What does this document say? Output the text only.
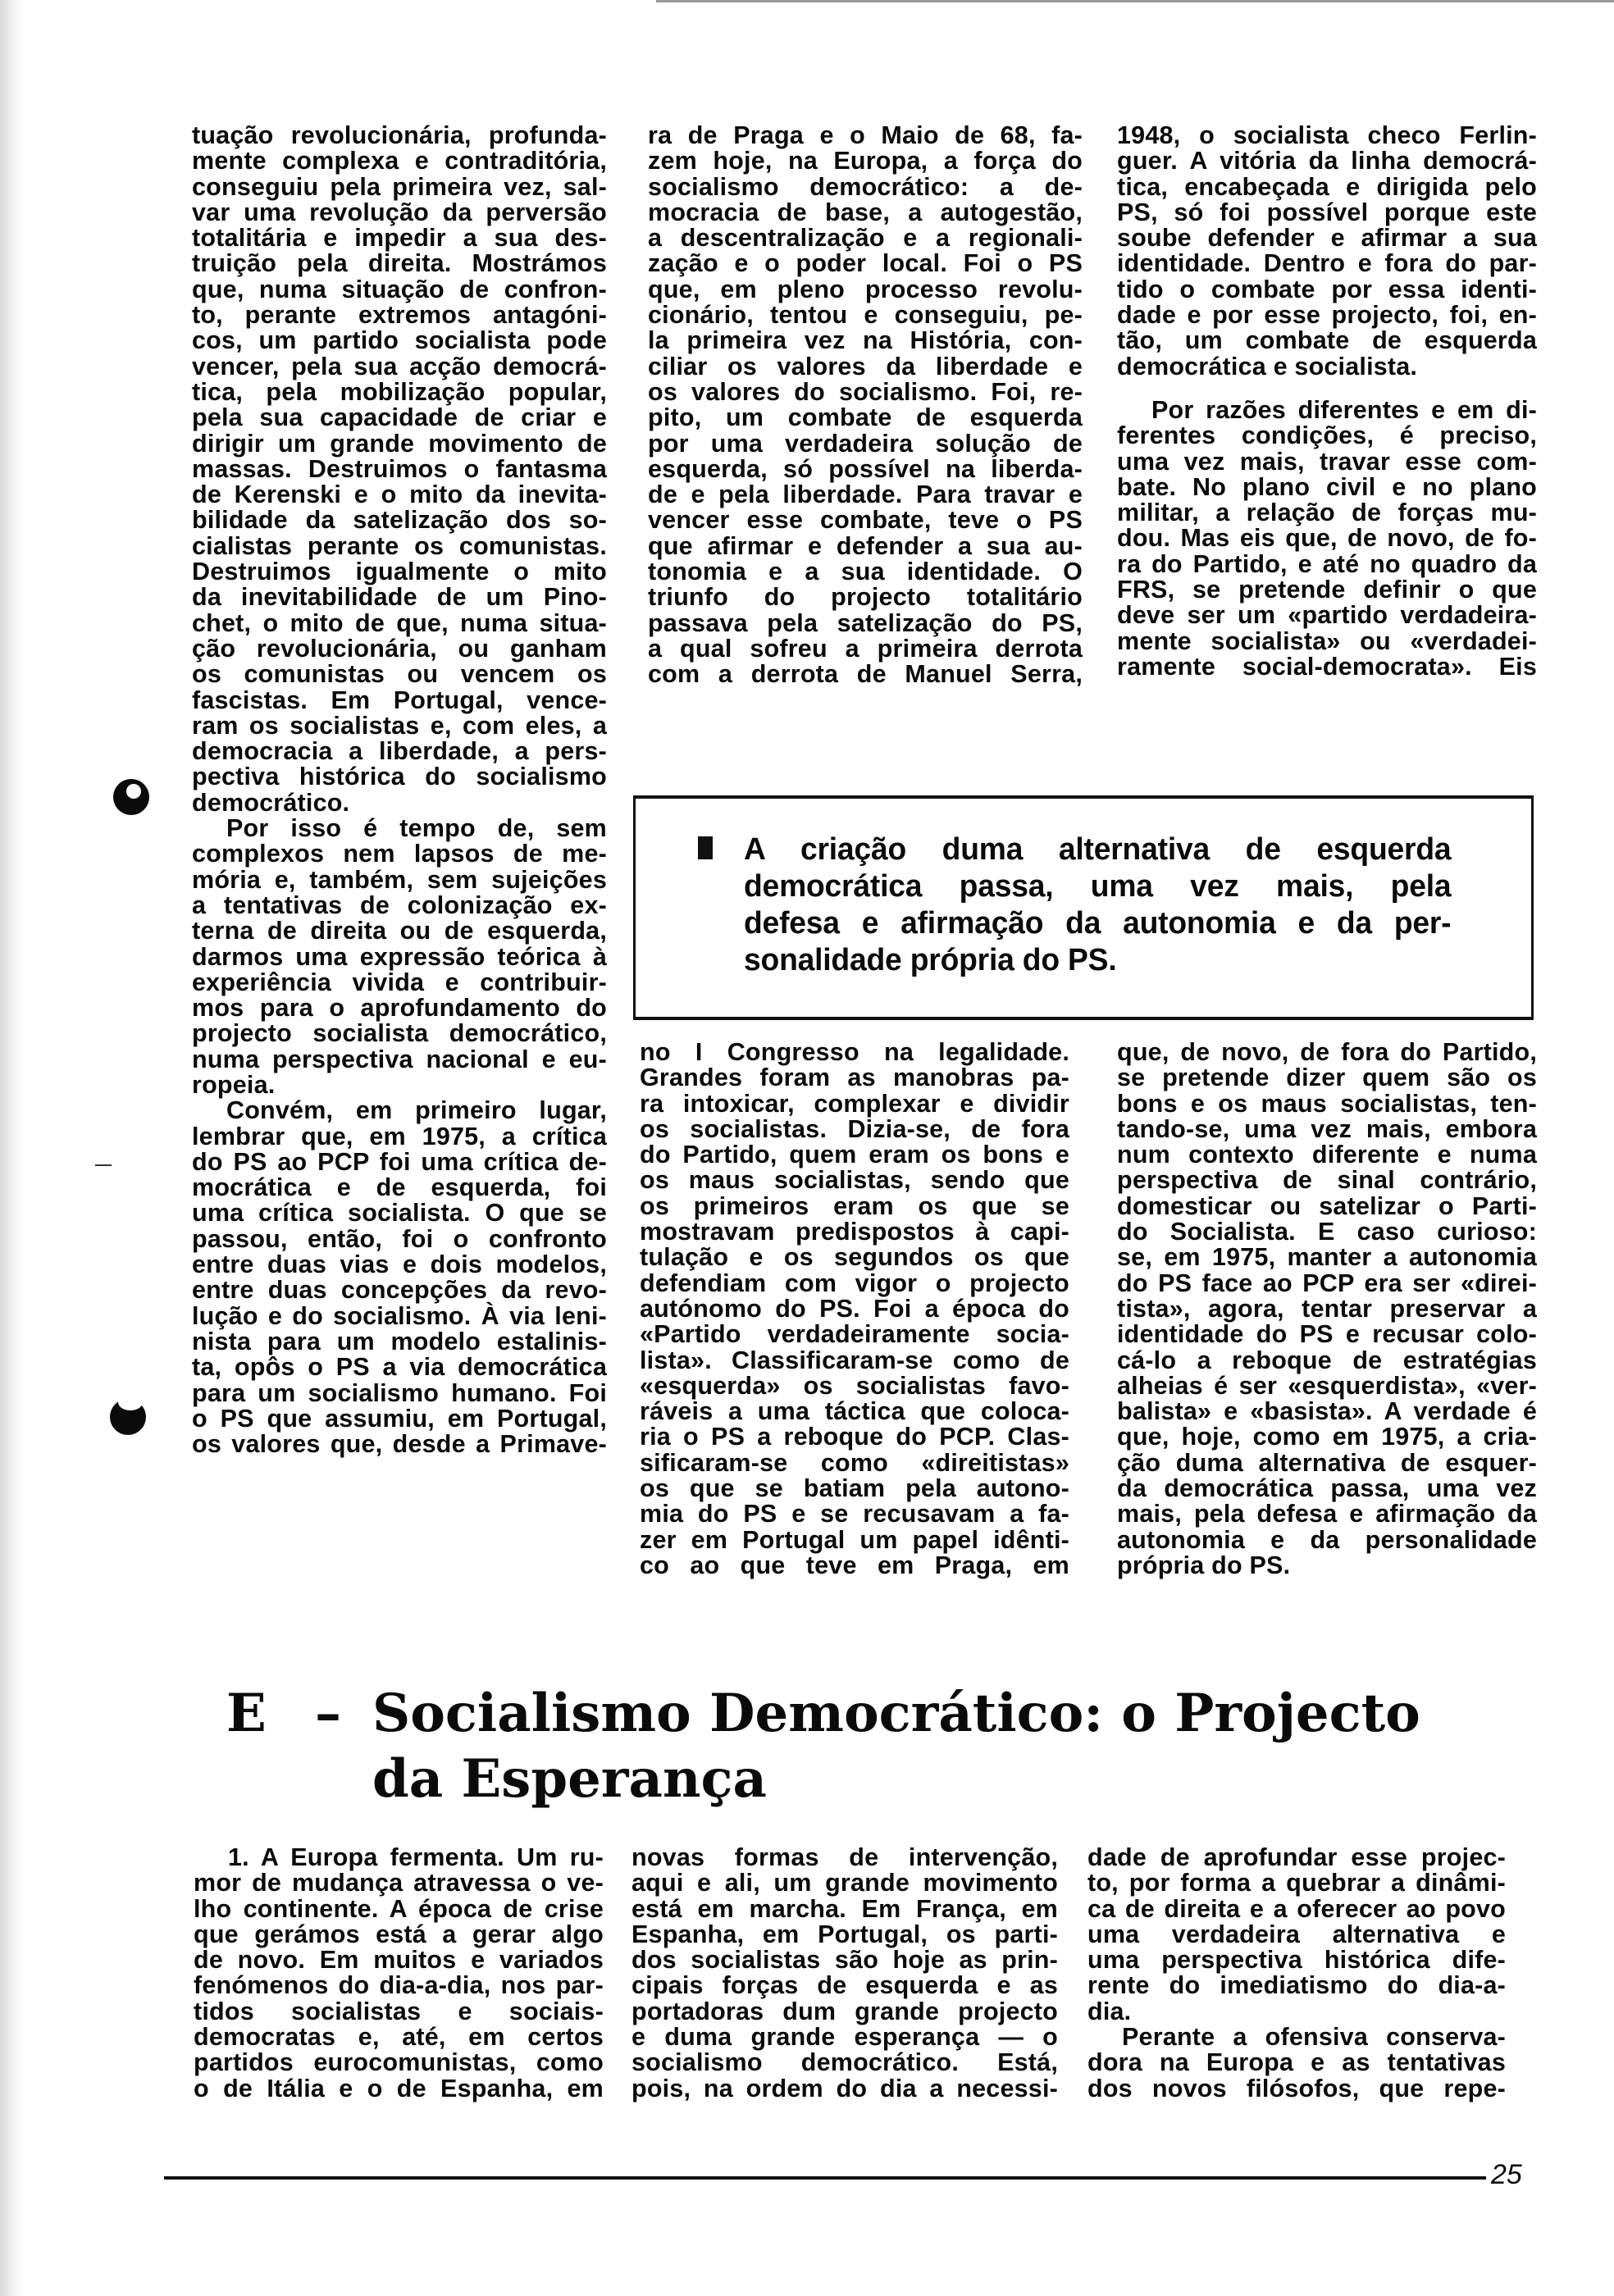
tuação revolucionária, profunda-
mente complexa e contraditória,
conseguiu pela primeira vez, sal-
var uma revolução da perversão
totalitária e impedir a sua des-
truição pela direita. Mostrámos
que, numa situação de confron-
to, perante extremos antagóni-
cos, um partido socialista pode
vencer, pela sua acção democrá-
tica, pela mobilização popular,
pela sua capacidade de criar e
dirigir um grande movimento de
massas. Destruimos o fantasma
de Kerenski e o mito da inevita-
bilidade da satelização dos so-
cialistas perante os comunistas.
Destruimos igualmente o mito
da inevitabilidade de um Pino-
chet, o mito de que, numa situa-
ção revolucionária, ou ganham
os comunistas ou vencem os
fascistas. Em Portugal, vence-
ram os socialistas e, com eles, a
democracia a liberdade, a pers-
pectiva histórica do socialismo
democrático.
Por isso é tempo de, sem
complexos nem lapsos de me-
mória e, também, sem sujeições
a tentativas de colonização ex-
terna de direita ou de esquerda,
darmos uma expressão teórica à
experiência vivida e contribuir-
mos para o aprofundamento do
projecto socialista democrático,
numa perspectiva nacional e eu-
ropeia.
Convém, em primeiro lugar,
lembrar que, em 1975, a crítica
do PS ao PCP foi uma crítica de-
mocrática e de esquerda, foi
uma crítica socialista. O que se
passou, então, foi o confronto
entre duas vias e dois modelos,
entre duas concepções da revo-
lução e do socialismo. À via leni-
nista para um modelo estalinis-
ta, opôs o PS a via democrática
para um socialismo humano. Foi
o PS que assumiu, em Portugal,
os valores que, desde a Primave-
ra de Praga e o Maio de 68, fa-
zem hoje, na Europa, a força do
socialismo democrático: a de-
mocracia de base, a autogestão,
a descentralização e a regionali-
zação e o poder local. Foi o PS
que, em pleno processo revolu-
cionário, tentou e conseguiu, pe-
la primeira vez na História, con-
ciliar os valores da liberdade e
os valores do socialismo. Foi, re-
pito, um combate de esquerda
por uma verdadeira solução de
esquerda, só possível na liberda-
de e pela liberdade. Para travar e
vencer esse combate, teve o PS
que afirmar e defender a sua au-
tonomia e a sua identidade. O
triunfo do projecto totalitário
passava pela satelização do PS,
a qual sofreu a primeira derrota
com a derrota de Manuel Serra,
1948, o socialista checo Ferlin-
guer. A vitória da linha democrá-
tica, encabeçada e dirigida pelo
PS, só foi possível porque este
soube defender e afirmar a sua
identidade. Dentro e fora do par-
tido o combate por essa identi-
dade e por esse projecto, foi, en-
tão, um combate de esquerda
democrática e socialista.
Por razões diferentes e em di-
ferentes condições, é preciso,
uma vez mais, travar esse com-
bate. No plano civil e no plano
militar, a relação de forças mu-
dou. Mas eis que, de novo, de fo-
ra do Partido, e até no quadro da
FRS, se pretende definir o que
deve ser um «partido verdadeira-
mente socialista» ou «verdadei-
ramente social-democrata». Eis
A criação duma alternativa de esquerda
democrática passa, uma vez mais, pela
defesa e afirmação da autonomia e da per-
sonalidade própria do PS.
no I Congresso na legalidade.
Grandes foram as manobras pa-
ra intoxicar, complexar e dividir
os socialistas. Dizia-se, de fora
do Partido, quem eram os bons e
os maus socialistas, sendo que
os primeiros eram os que se
mostravam predispostos à capi-
tulação e os segundos os que
defendiam com vigor o projecto
autónomo do PS. Foi a época do
«Partido verdadeiramente socia-
lista». Classificaram-se como de
«esquerda» os socialistas favo-
ráveis a uma táctica que coloca-
ria o PS a reboque do PCP. Clas-
sificaram-se como «direitistas»
os que se batiam pela autono-
mia do PS e se recusavam a fa-
zer em Portugal um papel idênti-
co ao que teve em Praga, em
que, de novo, de fora do Partido,
se pretende dizer quem são os
bons e os maus socialistas, ten-
tando-se, uma vez mais, embora
num contexto diferente e numa
perspectiva de sinal contrário,
domesticar ou satelizar o Parti-
do Socialista. E caso curioso:
se, em 1975, manter a autonomia
do PS face ao PCP era ser «direi-
tista», agora, tentar preservar a
identidade do PS e recusar colo-
cá-lo a reboque de estratégias
alheias é ser «esquerdista», «ver-
balista» e «basista». A verdade é
que, hoje, como em 1975, a cria-
ção duma alternativa de esquer-
da democrática passa, uma vez
mais, pela defesa e afirmação da
autonomia e da personalidade
própria do PS.
E – Socialismo Democrático: o Projecto
da Esperança
1. A Europa fermenta. Um ru-
mor de mudança atravessa o ve-
lho continente. A época de crise
que gerámos está a gerar algo
de novo. Em muitos e variados
fenómenos do dia-a-dia, nos par-
tidos socialistas e sociais-
democratas e, até, em certos
partidos eurocomunistas, como
o de Itália e o de Espanha, em
novas formas de intervenção,
aqui e ali, um grande movimento
está em marcha. Em França, em
Espanha, em Portugal, os parti-
dos socialistas são hoje as prin-
cipais forças de esquerda e as
portadoras dum grande projecto
e duma grande esperança — o
socialismo democrático. Está,
pois, na ordem do dia a necessi-
dade de aprofundar esse projec-
to, por forma a quebrar a dinâmi-
ca de direita e a oferecer ao povo
uma verdadeira alternativa e
uma perspectiva histórica dife-
rente do imediatismo do dia-a-
dia.
Perante a ofensiva conserva-
dora na Europa e as tentativas
dos novos filósofos, que repe-
25
